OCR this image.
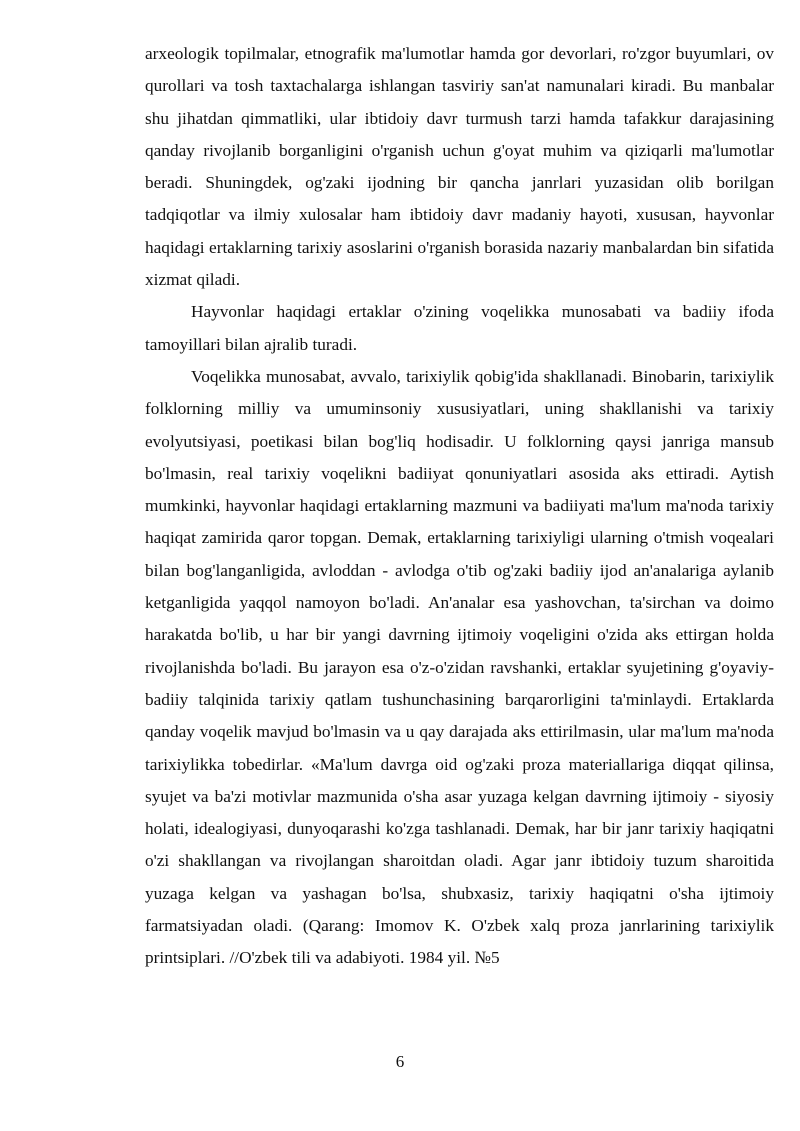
arxeologik topilmalar, etnografik ma'lumotlar hamda gor devorlari, ro'zgor buyumlari, ov qurollari va tosh taxtachalarga ishlangan tasviriy san'at namunalari kiradi. Bu manbalar shu jihatdan qimmatliki, ular ibtidoiy davr turmush tarzi hamda tafakkur darajasining qanday rivojlanib borganligini o'rganish uchun g'oyat muhim va qiziqarli ma'lumotlar beradi. Shuningdek, og'zaki ijodning bir qancha janrlari yuzasidan olib borilgan tadqiqotlar va ilmiy xulosalar ham ibtidoiy davr madaniy hayoti, xususan, hayvonlar haqidagi ertaklarning tarixiy asoslarini o'rganish borasida nazariy manbalardan bin sifatida xizmat qiladi.

Hayvonlar haqidagi ertaklar o'zining voqelikka munosabati va badiiy ifoda tamoyillari bilan ajralib turadi.

Voqelikka munosabat, avvalo, tarixiylik qobig'ida shakllanadi. Binobarin, tarixiylik folklorning milliy va umuminsoniy xususiyatlari, uning shakllanishi va tarixiy evolyutsiyasi, poetikasi bilan bog'liq hodisadir. U folklorning qaysi janriga mansub bo'lmasin, real tarixiy voqelikni badiiyat qonuniyatlari asosida aks ettiradi. Aytish mumkinki, hayvonlar haqidagi ertaklarning mazmuni va badiiyati ma'lum ma'noda tarixiy haqiqat zamirida qaror topgan. Demak, ertaklarning tarixiyligi ularning o'tmish voqealari bilan bog'langanligida, avloddan - avlodga o'tib og'zaki badiiy ijod an'analariga aylanib ketganligida yaqqol namoyon bo'ladi. An'analar esa yashovchan, ta'sirchan va doimo harakatda bo'lib, u har bir yangi davrning ijtimoiy voqeligini o'zida aks ettirgan holda rivojlanishda bo'ladi. Bu jarayon esa o'z-o'zidan ravshanki, ertaklar syujetining g'oyaviy-badiiy talqinida tarixiy qatlam tushunchasining barqarorligini ta'minlaydi. Ertaklarda qanday voqelik mavjud bo'lmasin va u qay darajada aks ettirilmasin, ular ma'lum ma'noda tarixiylikka tobedirlar. «Ma'lum davrga oid og'zaki proza materiallariga diqqat qilinsa, syujet va ba'zi motivlar mazmunida o'sha asar yuzaga kelgan davrning ijtimoiy - siyosiy holati, idealogiyasi, dunyoqarashi ko'zga tashlanadi. Demak, har bir janr tarixiy haqiqatni o'zi shakllangan va rivojlangan sharoitdan oladi. Agar janr ibtidoiy tuzum sharoitida yuzaga kelgan va yashagan bo'lsa, shubxasiz, tarixiy haqiqatni o'sha ijtimoiy farmatsiyadan oladi. (Qarang: Imomov K. O'zbek xalq proza janrlarining tarixiylik printsiplari. //O'zbek tili va adabiyoti. 1984 yil. №5

6
